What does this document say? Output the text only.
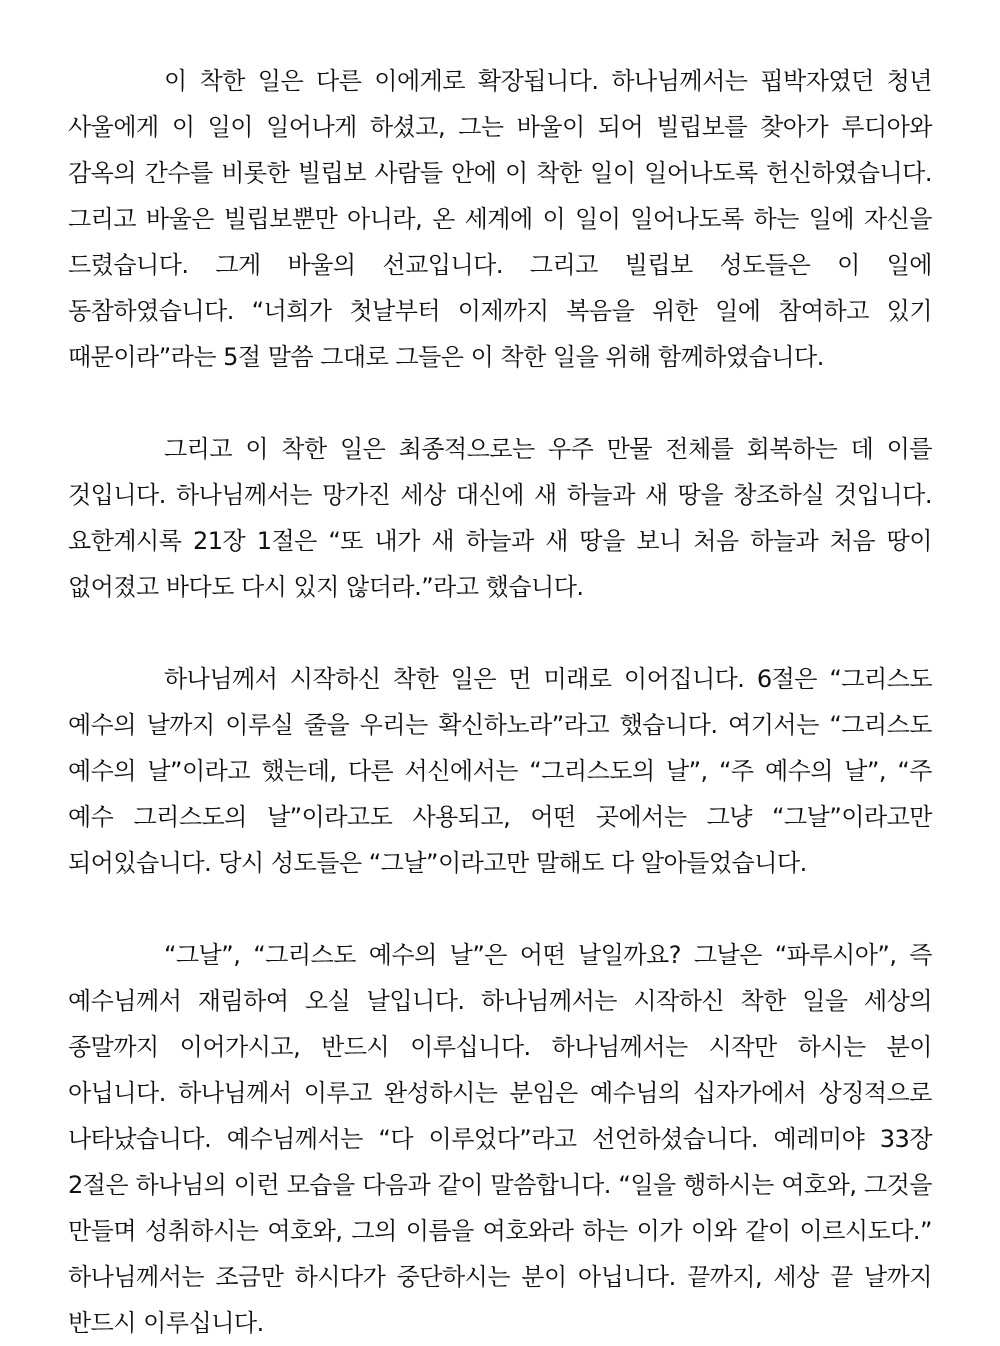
이 착한 일은 다른 이에게로 확장됩니다. 하나님께서는 핍박자였던 청년 사울에게 이 일이 일어나게 하셨고, 그는 바울이 되어 빌립보를 찾아가 루디아와 감옥의 간수를 비롯한 빌립보 사람들 안에 이 착한 일이 일어나도록 헌신하였습니다. 그리고 바울은 빌립보뿐만 아니라, 온 세계에 이 일이 일어나도록 하는 일에 자신을 드렸습니다. 그게 바울의 선교입니다. 그리고 빌립보 성도들은 이 일에 동참하였습니다. “너희가 첫날부터 이제까지 복음을 위한 일에 참여하고 있기 때문이라”라는 5절 말씀 그대로 그들은 이 착한 일을 위해 함께하였습니다.

그리고 이 착한 일은 최종적으로는 우주 만물 전체를 회복하는 데 이를 것입니다. 하나님께서는 망가진 세상 대신에 새 하늘과 새 땅을 창조하실 것입니다. 요한계시록 21장 1절은 “또 내가 새 하늘과 새 땅을 보니 처음 하늘과 처음 땅이 없어졌고 바다도 다시 있지 않더라.”라고 했습니다.

하나님께서 시작하신 착한 일은 먼 미래로 이어집니다. 6절은 “그리스도 예수의 날까지 이루실 줄을 우리는 확신하노라”라고 했습니다. 여기서는 “그리스도 예수의 날”이라고 했는데, 다른 서신에서는 “그리스도의 날”, “주 예수의 날”, “주 예수 그리스도의 날”이라고도 사용되고, 어떤 곳에서는 그냥 “그날”이라고만 되어있습니다. 당시 성도들은 “그날”이라고만 말해도 다 알아들었습니다.

“그날”, “그리스도 예수의 날”은 어떤 날일까요? 그날은 “파루시아”, 즉 예수님께서 재림하여 오실 날입니다. 하나님께서는 시작하신 착한 일을 세상의 종말까지 이어가시고, 반드시 이루십니다. 하나님께서는 시작만 하시는 분이 아닙니다. 하나님께서 이루고 완성하시는 분임은 예수님의 십자가에서 상징적으로 나타났습니다. 예수님께서는 “다 이루었다”라고 선언하셨습니다. 예레미야 33장 2절은 하나님의 이런 모습을 다음과 같이 말씀합니다. “일을 행하시는 여호와, 그것을 만들며 성취하시는 여호와, 그의 이름을 여호와라 하는 이가 이와 같이 이르시도다.” 하나님께서는 조금만 하시다가 중단하시는 분이 아닙니다. 끝까지, 세상 끝 날까지 반드시 이루십니다.
